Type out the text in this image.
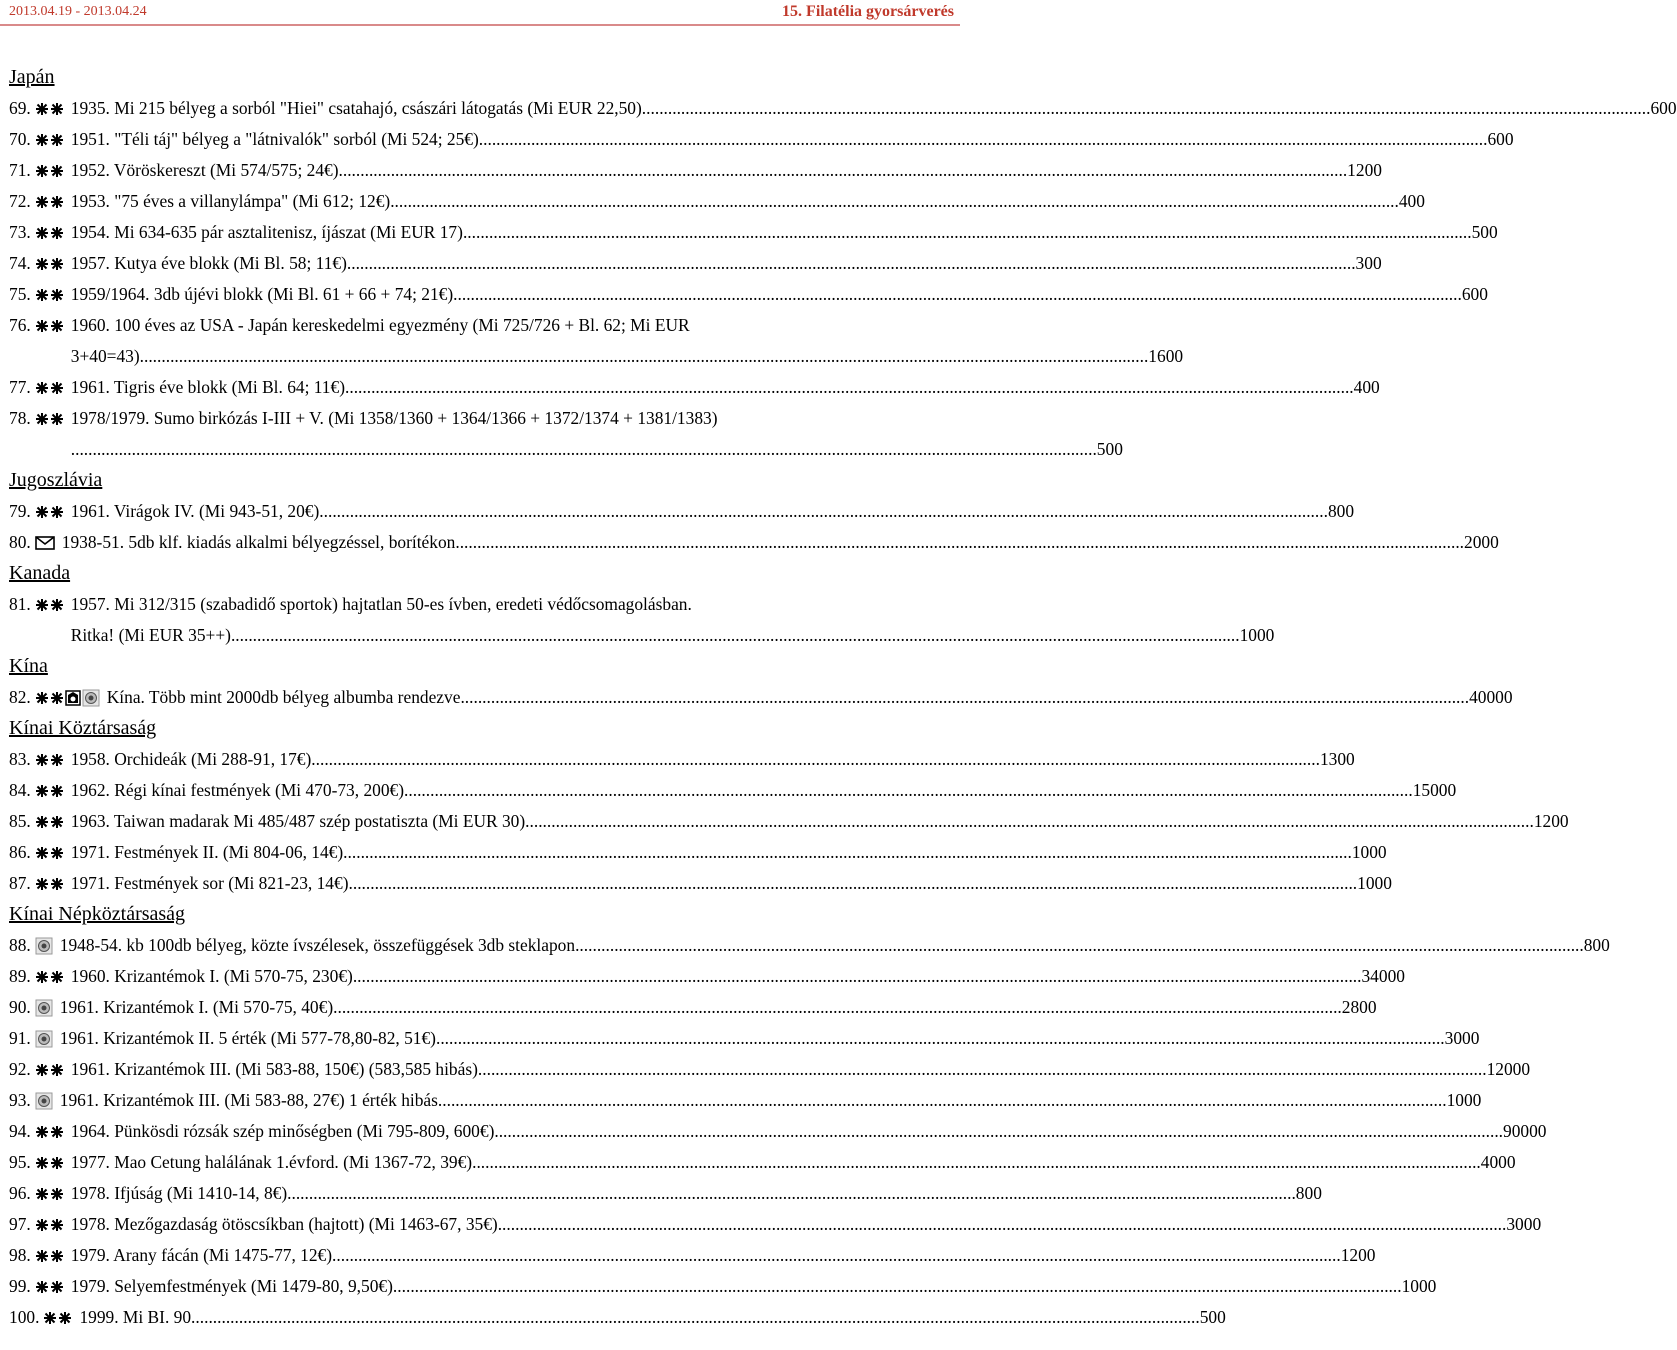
2013.04.19 - 2013.04.24	15. Filatélia gyorsárverés
Japán
69. 1935. Mi 215 bélyeg a sorból "Hiei" csatahajó, császári látogatás (Mi EUR 22,50) .....	600
70. 1951. "Téli táj" bélyeg a "látnivalók" sorból (Mi 524; 25€) .....	600
71. 1952. Vöröskereszt (Mi 574/575; 24€) .....	1200
72. 1953. "75 éves a villanylámpa" (Mi 612; 12€) .....	400
73. 1954. Mi 634-635 pár asztalitenisz, íjászat (Mi EUR 17) .....	500
74. 1957. Kutya éve blokk (Mi Bl. 58; 11€) .....	300
75. 1959/1964. 3db újévi blokk (Mi Bl. 61 + 66 + 74; 21€) .....	600
76. 1960. 100 éves az USA - Japán kereskedelmi egyezmény (Mi 725/726 + Bl. 62; Mi EUR
3+40=43) .....	1600
77. 1961. Tigris éve blokk (Mi Bl. 64; 11€) .....	400
78. 1978/1979. Sumo birkózás I-III + V. (Mi 1358/1360 + 1364/1366 + 1372/1374 + 1381/1383)
.... .....	500
Jugoszlávia
79. 1961. Virágok IV. (Mi 943-51, 20€) .....	800
80. 1938-51. 5db klf. kiadás alkalmi bélyegzéssel, borítékon .....	2000
Kanada
81. 1957. Mi 312/315 (szabadidő sportok) hajtatlan 50-es ívben, eredeti védőcsomagolásban.
Ritka! (Mi EUR 35++) .....	1000
Kína
82.	Kína. Több mint 2000db bélyeg albumba rendezve .....	40000
Kínai Köztársaság
83. 1958. Orchideák (Mi 288-91, 17€) .....	1300
84. 1962. Régi kínai festmények (Mi 470-73, 200€) .....	15000
85. 1963. Taiwan madarak Mi 485/487 szép postatiszta (Mi EUR 30) .....	1200
86. 1971. Festmények II. (Mi 804-06, 14€) .....	1000
87. 1971. Festmények sor (Mi 821-23, 14€) .....	1000
Kínai Népköztársaság
88. 1948-54. kb 100db bélyeg, közte ívszélesek, összefüggések 3db steklapon .....	800
89. 1960. Krizantémok I. (Mi 570-75, 230€) .....	34000
90. 1961. Krizantémok I. (Mi 570-75, 40€) .....	2800
91. 1961. Krizantémok II. 5 érték (Mi 577-78,80-82, 51€) .....	3000
92. 1961. Krizantémok III. (Mi 583-88, 150€) (583,585 hibás) .....	12000
93. 1961. Krizantémok III. (Mi 583-88, 27€) 1 érték hibás .....	1000
94. 1964. Pünkösdi rózsák szép minőségben (Mi 795-809, 600€) .....	90000
95. 1977. Mao Cetung halálának 1.évford. (Mi 1367-72, 39€) .....	4000
96. 1978. Ifjúság (Mi 1410-14, 8€) .....	800
97. 1978. Mezőgazdaság ötöscsíkban (hajtott) (Mi 1463-67, 35€) .....	3000
98. 1979. Arany fácán (Mi 1475-77, 12€) .....	1200
99. 1979. Selyemfestmények (Mi 1479-80, 9,50€) .....	1000
100. 1999. Mi BI. 90 .....	500
